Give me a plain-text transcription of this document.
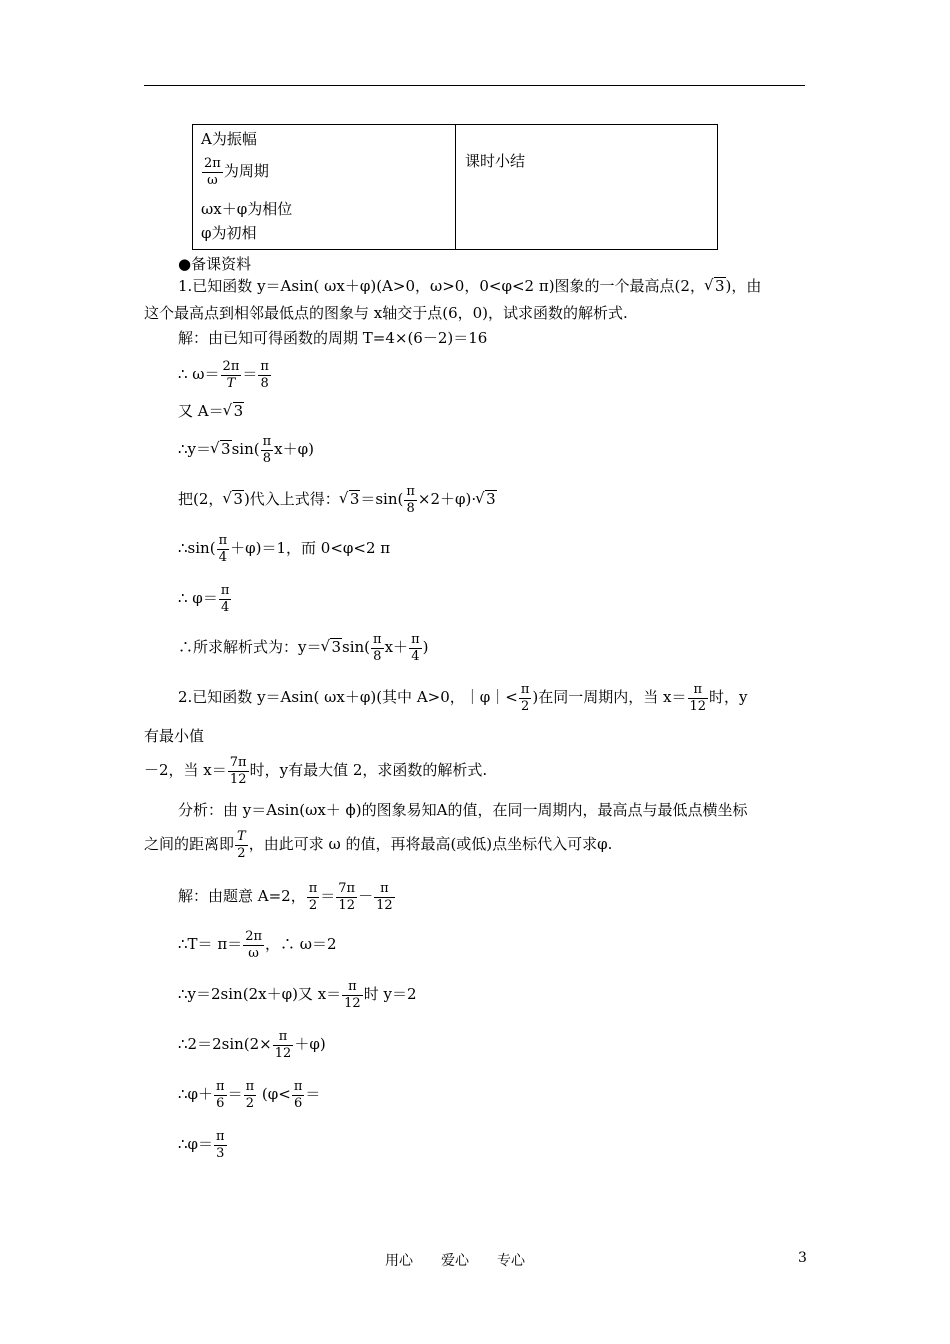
A为振幅
$\frac{2\pi}{\omega}$ 为周期
ωx＋φ为相位
φ为初相
课时小结
●备课资料
1.已知函数 y＝Asin( ωx＋φ)(A>0，ω>0，0<φ<2 π)图象的一个最高点(2，√ 3)，由
这个最高点到相邻最低点的图象与 x轴交于点(6，0)，试求函数的解析式.
解：由已知可得函数的周期 T=4×(6－2)＝16
∴ $\omega= \frac{2\pi}{T} = \frac{\pi}{8}$
又 A＝√ 3
∴y＝√ $3\sin( \frac{\pi}{8} x+\varphi)$
把(2，√ 3)代入上式得：√ $3=\sin( \frac{\pi}{8} \times 2+\varphi)\cdot√$ 3
∴sin( $\frac{\pi}{4} +\varphi)=1$，而 0<φ<2 π
∴ $\varphi= \frac{\pi}{4}$
∴所求解析式为：y＝√ $3\sin( \frac{\pi}{8} x+ \frac{\pi}{4}$ )
2.已知函数 y＝Asin( ωx＋φ)(其中 A>0，｜φ｜< $\frac{\pi}{2}$ )在同一周期内，当 $x= \frac{\pi}{12}$ 时，y
有最小值
－2，当 $x= \frac{7\pi}{12}$ 时，y有最大值 2，求函数的解析式.
分析：由 y＝Asin(ωx＋ ϕ)的图象易知A的值，在同一周期内，最高点与最低点横坐标
之间的距离即 $\frac{T}{2}$ ，由此可求 ω 的值，再将最高(或低)点坐标代入可求φ.
解：由题意 A=2， $\frac{\pi}{2} = \frac{7\pi}{12} - \frac{\pi}{12}$
∴T＝ $\pi= \frac{2\pi}{\omega}$ ，∴ ω＝2
∴y＝2sin(2x＋φ)又 $x= \frac{\pi}{12}$ 时 y＝2
∴2＝2sin(2× $\frac{\pi}{12} +\varphi$)
∴φ＋ $\frac{\pi}{6} = \frac{\pi}{2} (\varphi< \frac{\pi}{6}$ ＝
∴φ＝ $\frac{\pi}{3}$
用心　　爱心　　专心	3
